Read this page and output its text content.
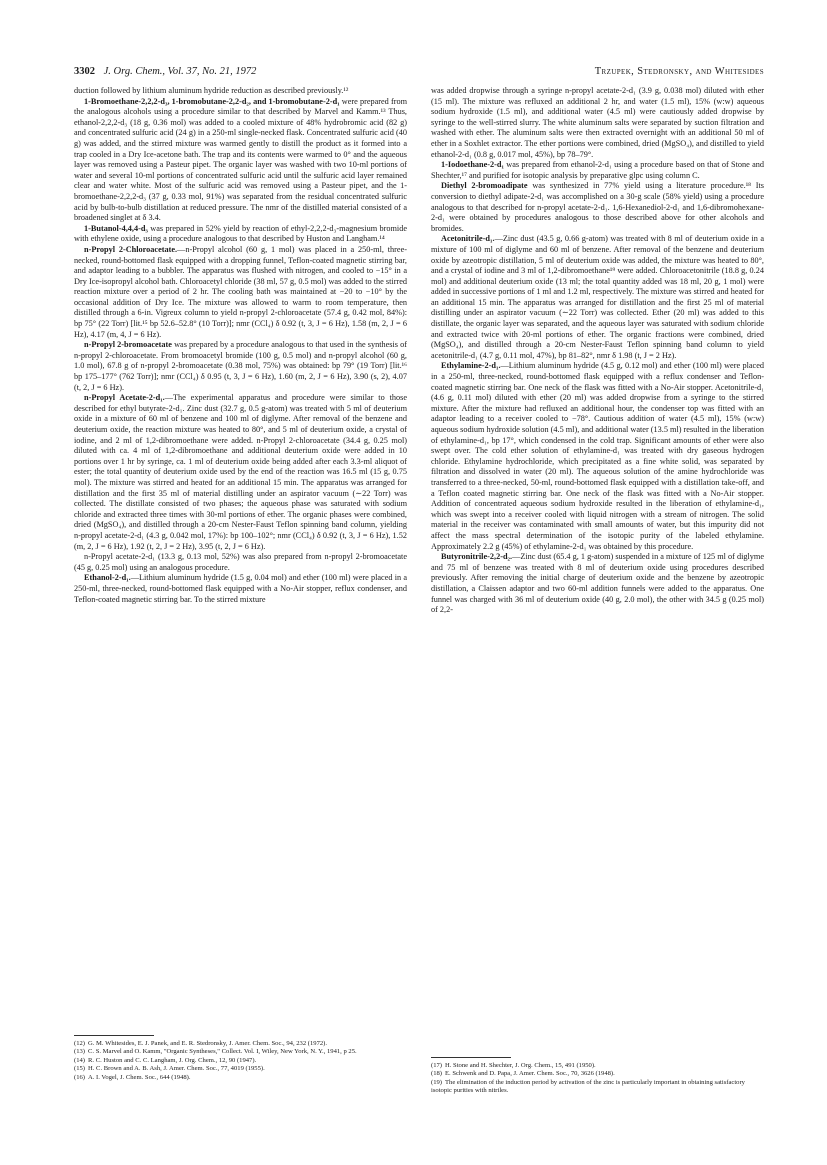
3302 J. Org. Chem., Vol. 37, No. 21, 1972	Trzupek, Stedronsky, and Whitesides

duction followed by lithium aluminum hydride reduction as described previously.¹²

1-Bromoethane-2,2,2-d₃, 1-bromobutane-2,2-d₂, and 1-bromobutane-2-d₁ were prepared from the analogous alcohols using a procedure similar to that described by Marvel and Kamm.¹³ Thus, ethanol-2,2,2-d₃ (18 g, 0.36 mol) was added to a cooled mixture of 48% hydrobromic acid (82 g) and concentrated sulfuric acid (24 g) in a 250-ml single-necked flask. Concentrated sulfuric acid (40 g) was added, and the stirred mixture was warmed gently to distill the product as it formed into a trap cooled in a Dry Ice-acetone bath. The trap and its contents were warmed to 0° and the aqueous layer was removed using a Pasteur pipet. The organic layer was washed with two 10-ml portions of water and several 10-ml portions of concentrated sulfuric acid until the sulfuric acid layer remained clear and water white. Most of the sulfuric acid was removed using a Pasteur pipet, and the 1-bromoethane-2,2,2-d₃ (37 g, 0.33 mol, 91%) was separated from the residual concentrated sulfuric acid by bulb-to-bulb distillation at reduced pressure. The nmr of the distilled material consisted of a broadened singlet at δ 3.4.

1-Butanol-4,4,4-d₃ was prepared in 52% yield by reaction of ethyl-2,2,2-d₃-magnesium bromide with ethylene oxide, using a procedure analogous to that described by Huston and Langham.¹⁴

n-Propyl 2-Chloroacetate.—n-Propyl alcohol (60 g, 1 mol) was placed in a 250-ml, three-necked, round-bottomed flask equipped with a dropping funnel, Teflon-coated magnetic stirring bar, and adaptor leading to a bubbler. The apparatus was flushed with nitrogen, and cooled to −15° in a Dry Ice-isopropyl alcohol bath. Chloroacetyl chloride (38 ml, 57 g, 0.5 mol) was added to the stirred reaction mixture over a period of 2 hr. The cooling bath was maintained at −20 to −10° by the occasional addition of Dry Ice. The mixture was allowed to warm to room temperature, then distilled through a 6-in. Vigreux column to yield n-propyl 2-chloroacetate (57.4 g, 0.42 mol, 84%): bp 75° (22 Torr) [lit.¹⁵ bp 52.6–52.8° (10 Torr)]; nmr (CCl₄) δ 0.92 (t, 3, J = 6 Hz), 1.58 (m, 2, J = 6 Hz), 4.17 (m, 4, J = 6 Hz).

n-Propyl 2-bromoacetate was prepared by a procedure analogous to that used in the synthesis of n-propyl 2-chloroacetate. From bromoacetyl bromide (100 g, 0.5 mol) and n-propyl alcohol (60 g, 1.0 mol), 67.8 g of n-propyl 2-bromoacetate (0.38 mol, 75%) was obtained: bp 79° (19 Torr) [lit.¹⁶ bp 175–177° (762 Torr)]; nmr (CCl₄) δ 0.95 (t, 3, J = 6 Hz), 1.60 (m, 2, J = 6 Hz), 3.90 (s, 2), 4.07 (t, 2, J = 6 Hz).

n-Propyl Acetate-2-d₁.—The experimental apparatus and procedure were similar to those described for ethyl butyrate-2-d₁. Zinc dust (32.7 g, 0.5 g-atom) was treated with 5 ml of deuterium oxide in a mixture of 60 ml of benzene and 100 ml of diglyme. After removal of the benzene and deuterium oxide, the reaction mixture was heated to 80°, and 5 ml of deuterium oxide, a crystal of iodine, and 2 ml of 1,2-dibromoethane were added. n-Propyl 2-chloroacetate (34.4 g, 0.25 mol) diluted with ca. 4 ml of 1,2-dibromoethane and additional deuterium oxide were added in 10 portions over 1 hr by syringe, ca. 1 ml of deuterium oxide being added after each 3.3-ml aliquot of ester; the total quantity of deuterium oxide used by the end of the reaction was 16.5 ml (15 g, 0.75 mol). The mixture was stirred and heated for an additional 15 min. The apparatus was arranged for distillation and the first 35 ml of material distilling under an aspirator vacuum (∼22 Torr) was collected. The distillate consisted of two phases; the aqueous phase was saturated with sodium chloride and extracted three times with 30-ml portions of ether. The organic phases were combined, dried (MgSO₄), and distilled through a 20-cm Nester-Faust Teflon spinning band column, yielding n-propyl acetate-2-d₁ (4.3 g, 0.042 mol, 17%): bp 100–102°; nmr (CCl₄) δ 0.92 (t, 3, J = 6 Hz), 1.52 (m, 2, J = 6 Hz), 1.92 (t, 2, J = 2 Hz), 3.95 (t, 2, J = 6 Hz).

n-Propyl acetate-2-d₁ (13.3 g, 0.13 mol, 52%) was also prepared from n-propyl 2-bromoacetate (45 g, 0.25 mol) using an analogous procedure.

Ethanol-2-d₁.—Lithium aluminum hydride (1.5 g, 0.04 mol) and ether (100 ml) were placed in a 250-ml, three-necked, round-bottomed flask equipped with a No-Air stopper, reflux condenser, and Teflon-coated magnetic stirring bar. To the stirred mixture

was added dropwise through a syringe n-propyl acetate-2-d₁ (3.9 g, 0.038 mol) diluted with ether (15 ml). The mixture was refluxed an additional 2 hr, and water (1.5 ml), 15% (w:w) aqueous sodium hydroxide (1.5 ml), and additional water (4.5 ml) were cautiously added dropwise by syringe to the well-stirred slurry. The white aluminum salts were separated by suction filtration and washed with ether. The aluminum salts were then extracted overnight with an additional 50 ml of ether in a Soxhlet extractor. The ether portions were combined, dried (MgSO₄), and distilled to yield ethanol-2-d₁ (0.8 g, 0.017 mol, 45%), bp 78–79°.

1-Iodoethane-2-d₁ was prepared from ethanol-2-d₁ using a procedure based on that of Stone and Shechter,¹⁷ and purified for isotopic analysis by preparative glpc using column C.

Diethyl 2-bromoadipate was synthesized in 77% yield using a literature procedure.¹⁸ Its conversion to diethyl adipate-2-d₁ was accomplished on a 30-g scale (58% yield) using a procedure analogous to that described for n-propyl acetate-2-d₁. 1,6-Hexanediol-2-d₁ and 1,6-dibromohexane-2-d₁ were obtained by procedures analogous to those described above for other alcohols and bromides.

Acetonitrile-d₁.—Zinc dust (43.5 g, 0.66 g-atom) was treated with 8 ml of deuterium oxide in a mixture of 100 ml of diglyme and 60 ml of benzene. After removal of the benzene and deuterium oxide by azeotropic distillation, 5 ml of deuterium oxide was added, the mixture was heated to 80°, and a crystal of iodine and 3 ml of 1,2-dibromoethane¹⁹ were added. Chloroacetonitrile (18.8 g, 0.24 mol) and additional deuterium oxide (13 ml; the total quantity added was 18 ml, 20 g, 1 mol) were added in successive portions of 1 ml and 1.2 ml, respectively. The mixture was stirred and heated for an additional 15 min. The apparatus was arranged for distillation and the first 25 ml of material distilling under an aspirator vacuum (∼22 Torr) was collected. Ether (20 ml) was added to this distillate, the organic layer was separated, and the aqueous layer was saturated with sodium chloride and extracted twice with 20-ml portions of ether. The organic fractions were combined, dried (MgSO₄), and distilled through a 20-cm Nester-Faust Teflon spinning band column to yield acetonitrile-d₁ (4.7 g, 0.11 mol, 47%), bp 81–82°, nmr δ 1.98 (t, J = 2 Hz).

Ethylamine-2-d₁.—Lithium aluminum hydride (4.5 g, 0.12 mol) and ether (100 ml) were placed in a 250-ml, three-necked, round-bottomed flask equipped with a reflux condenser and Teflon-coated magnetic stirring bar. One neck of the flask was fitted with a No-Air stopper. Acetonitrile-d₁ (4.6 g, 0.11 mol) diluted with ether (20 ml) was added dropwise from a syringe to the stirred mixture. After the mixture had refluxed an additional hour, the condenser top was fitted with an adaptor leading to a receiver cooled to −78°. Cautious addition of water (4.5 ml), 15% (w:w) aqueous sodium hydroxide solution (4.5 ml), and additional water (13.5 ml) resulted in the liberation of ethylamine-d₁, bp 17°, which condensed in the cold trap. Significant amounts of ether were also swept over. The cold ether solution of ethylamine-d₁ was treated with dry gaseous hydrogen chloride. Ethylamine hydrochloride, which precipitated as a fine white solid, was separated by filtration and dissolved in water (20 ml). The aqueous solution of the amine hydrochloride was transferred to a three-necked, 50-ml, round-bottomed flask equipped with a distillation take-off, and a Teflon coated magnetic stirring bar. One neck of the flask was fitted with a No-Air stopper. Addition of concentrated aqueous sodium hydroxide resulted in the liberation of ethylamine-d₁, which was swept into a receiver cooled with liquid nitrogen with a stream of nitrogen. The solid material in the receiver was contaminated with small amounts of water, but this impurity did not affect the mass spectral determination of the isotopic purity of the labeled ethylamine. Approximately 2.2 g (45%) of ethylamine-2-d₁ was obtained by this procedure.

Butyronitrile-2,2-d₂.—Zinc dust (65.4 g, 1 g-atom) suspended in a mixture of 125 ml of diglyme and 75 ml of benzene was treated with 8 ml of deuterium oxide using procedures described previously. After removing the initial charge of deuterium oxide and the benzene by azeotropic distillation, a Claissen adaptor and two 60-ml addition funnels were added to the apparatus. One funnel was charged with 36 ml of deuterium oxide (40 g, 2.0 mol), the other with 34.5 g (0.25 mol) of 2,2-

(12) G. M. Whitesides, E. J. Panek, and E. R. Stedronsky, J. Amer. Chem. Soc., 94, 232 (1972).

(13) C. S. Marvel and O. Kamm, "Organic Syntheses," Collect. Vol. I, Wiley, New York, N. Y., 1941, p 25.

(14) R. C. Huston and C. C. Langham, J. Org. Chem., 12, 90 (1947).

(15) H. C. Brown and A. B. Ash, J. Amer. Chem. Soc., 77, 4019 (1955).

(16) A. I. Vogel, J. Chem. Soc., 644 (1948).

(17) H. Stone and H. Shechter, J. Org. Chem., 15, 491 (1950).

(18) E. Schwenk and D. Papa, J. Amer. Chem. Soc., 70, 3626 (1948).

(19) The elimination of the induction period by activation of the zinc is particularly important in obtaining satisfactory isotopic purities with nitriles.
